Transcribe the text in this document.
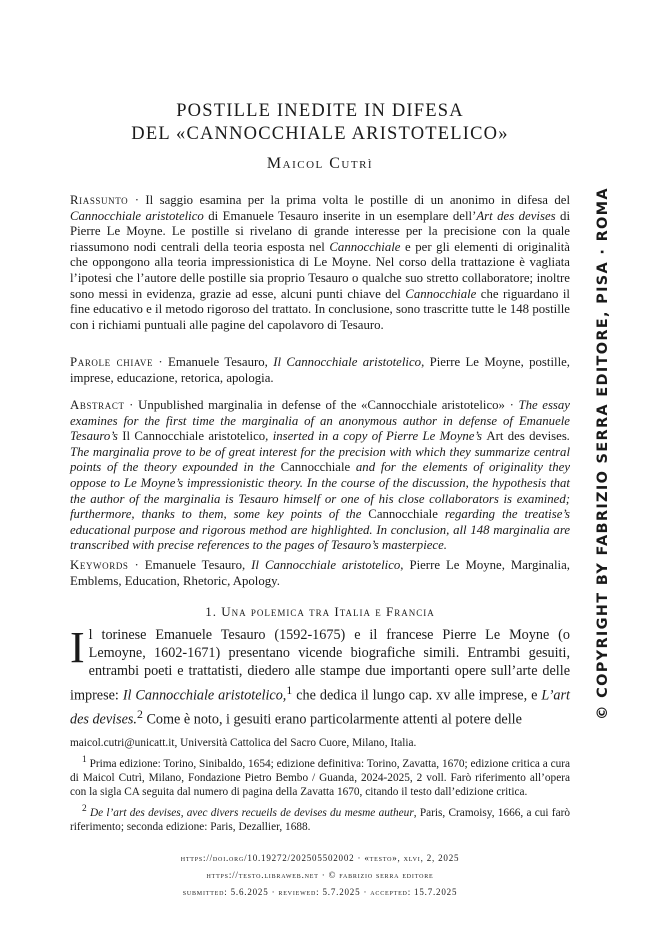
POSTILLE INEDITE IN DIFESA
DEL «CANNOCCHIALE ARISTOTELICO»
Maicol Cutrì

Riassunto · Il saggio esamina per la prima volta le postille di un anonimo in difesa del Cannocchiale aristotelico di Emanuele Tesauro inserite in un esemplare dell’Art des devises di Pierre Le Moyne. Le postille si rivelano di grande interesse per la precisione con la quale riassumono nodi centrali della teoria esposta nel Cannocchiale e per gli elementi di originalità che oppongono alla teoria impressionistica di Le Moyne. Nel corso della trattazione è vagliata l’ipotesi che l’autore delle postille sia proprio Tesauro o qualche suo stretto collaboratore; inoltre sono messi in evidenza, grazie ad esse, alcuni punti chiave del Cannocchiale che riguardano il fine educativo e il metodo rigoroso del trattato. In conclusione, sono trascritte tutte le 148 postille con i richiami puntuali alle pagine del capolavoro di Tesauro.

Parole chiave · Emanuele Tesauro, Il Cannocchiale aristotelico, Pierre Le Moyne, postille, imprese, educazione, retorica, apologia.

Abstract · Unpublished marginalia in defense of the «Cannocchiale aristotelico» · The essay examines for the first time the marginalia of an anonymous author in defense of Emanuele Tesauro’s Il Cannocchiale aristotelico, inserted in a copy of Pierre Le Moyne’s Art des devises. The marginalia prove to be of great interest for the precision with which they summarize central points of the theory expounded in the Cannocchiale and for the elements of originality they oppose to Le Moyne’s impressionistic theory. In the course of the discussion, the hypothesis that the author of the marginalia is Tesauro himself or one of his close collaborators is examined; furthermore, thanks to them, some key points of the Cannocchiale regarding the treatise’s educational purpose and rigorous method are highlighted. In conclusion, all 148 marginalia are transcribed with precise references to the pages of Tesauro’s masterpiece.

Keywords · Emanuele Tesauro, Il Cannocchiale aristotelico, Pierre Le Moyne, Marginalia, Emblems, Education, Rhetoric, Apology.

1. Una polemica tra Italia e Francia

Il torinese Emanuele Tesauro (1592-1675) e il francese Pierre Le Moyne (o Lemoyne, 1602-1671) presentano vicende biografiche simili. Entrambi gesuiti, entrambi poeti e trattatisti, diedero alle stampe due importanti opere sull’arte delle imprese: Il Cannocchiale aristotelico,$^1$ che dedica il lungo cap. xv alle imprese, e L’art des devises.$^2$ Come è noto, i gesuiti erano particolarmente attenti al potere delle

maicol.cutri@unicatt.it, Università Cattolica del Sacro Cuore, Milano, Italia.

$^1$ Prima edizione: Torino, Sinibaldo, 1654; edizione definitiva: Torino, Zavatta, 1670; edizione critica a cura di Maicol Cutrì, Milano, Fondazione Pietro Bembo / Guanda, 2024-2025, 2 voll. Farò riferimento all’opera con la sigla CA seguita dal numero di pagina della Zavatta 1670, citando il testo dall’edizione critica.

$^2$ De l’art des devises, avec divers recueils de devises du mesme autheur, Paris, Cramoisy, 1666, a cui farò riferimento; seconda edizione: Paris, Dezallier, 1688.

https://doi.org/10.19272/202505502002 · «testo», xlvi, 2, 2025
https://testo.libraweb.net · © fabrizio serra editore
submitted: 5.6.2025 · reviewed: 5.7.2025 · accepted: 15.7.2025
© COPYRIGHT BY FABRIZIO SERRA EDITORE, PISA · ROMA
